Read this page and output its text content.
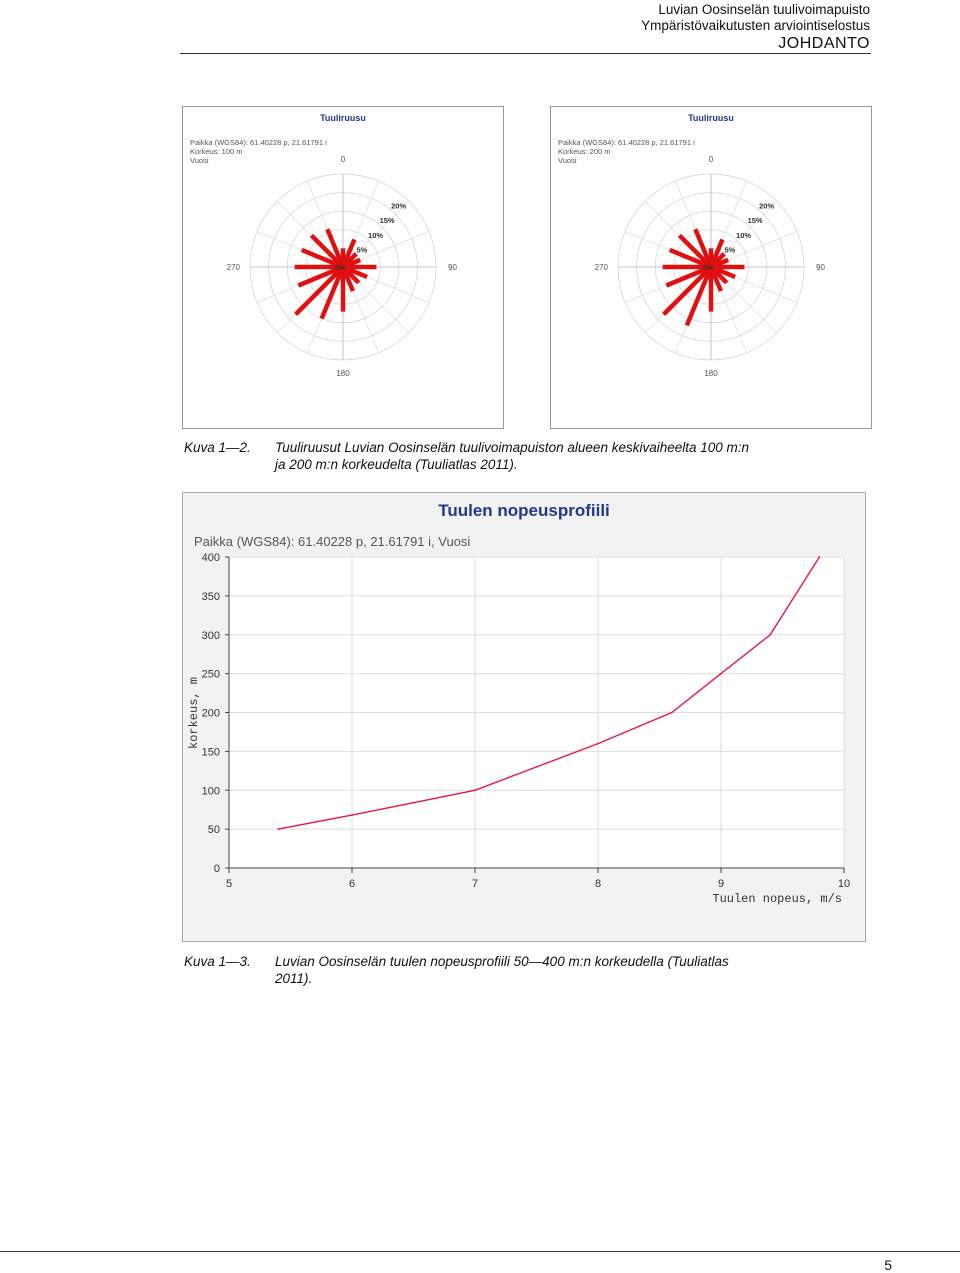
Luvian Oosinselän tuulivoimapuisto
Ympäristövaikutusten arviointiselostus
JOHDANTO
Tuuliruusu
Paikka (WGS84): 61.40228 p, 21.61791 i
Korkeus: 100 m
Vuosi
0%
5%
10%
15%
20%
0
90
180
270
Tuuliruusu
Paikka (WGS84): 61.40228 p, 21.61791 i
Korkeus: 200 m
Vuosi
0%
5%
10%
15%
20%
0
90
180
270
Kuva 1—2. Tuuliruusut Luvian Oosinselän tuulivoimapuiston alueen keskivaiheelta 100 m:n
ja 200 m:n korkeudelta (Tuuliatlas 2011).
Tuulen nopeusprofiili
Paikka (WGS84): 61.40228 p, 21.61791 i, Vuosi
0
50
100
150
200
250
300
350
400
5	6	7	8	9	10
Tuulen nopeus, m/s
korkeus, m
Kuva 1—3. Luvian Oosinselän tuulen nopeusprofiili 50—400 m:n korkeudella (Tuuliatlas
2011).
5
